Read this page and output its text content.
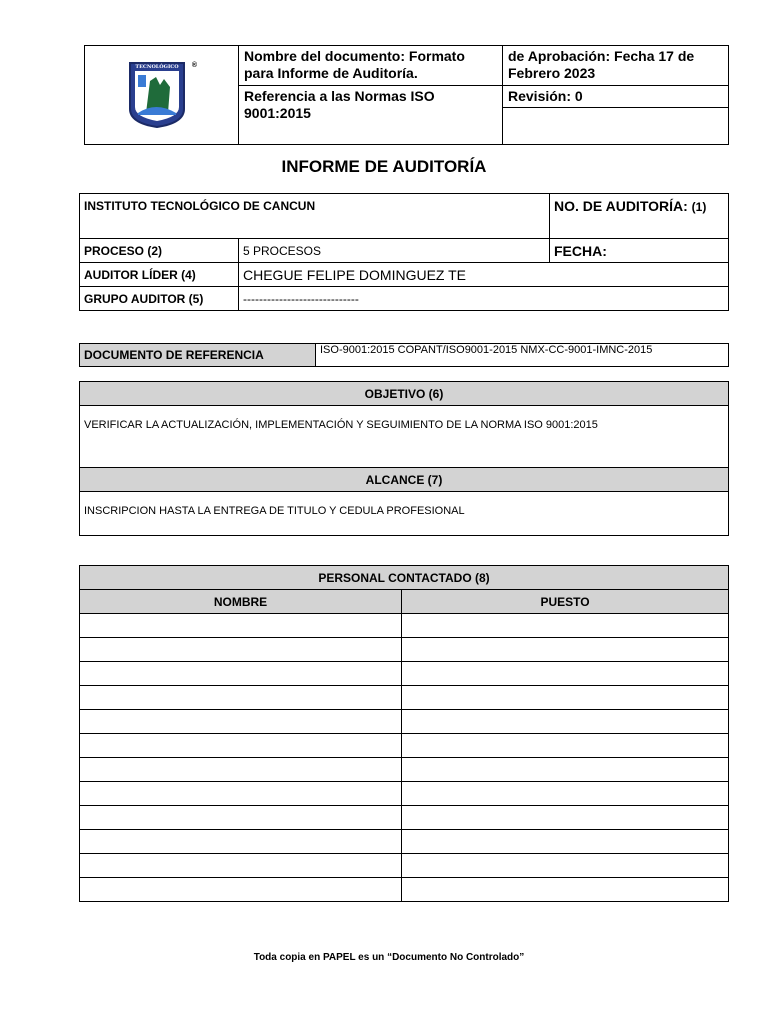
TECNOLÓGICO ®	Nombre del documento: Formato para Informe de Auditoría.	de Aprobación: Fecha 17 de Febrero 2023
	Referencia a las Normas ISO 9001:2015	Revisión: 0

INFORME DE AUDITORÍA
INSTITUTO TECNOLÓGICO DE CANCUN		NO. DE AUDITORÍA: (1)
PROCESO (2)	5 PROCESOS	FECHA:
AUDITOR LÍDER (4)	CHEGUE FELIPE DOMINGUEZ TE	
GRUPO AUDITOR (5)	-----------------------------	
DOCUMENTO DE REFERENCIA	ISO-9001:2015 COPANT/ISO9001-2015 NMX-CC-9001-IMNC-2015
OBJETIVO (6)
VERIFICAR LA ACTUALIZACIÓN, IMPLEMENTACIÓN Y SEGUIMIENTO DE LA NORMA ISO 9001:2015
ALCANCE (7)
INSCRIPCION HASTA LA ENTREGA DE TITULO Y CEDULA PROFESIONAL
PERSONAL CONTACTADO (8)	
NOMBRE	PUESTO

Toda copia en PAPEL es un “Documento No Controlado”
